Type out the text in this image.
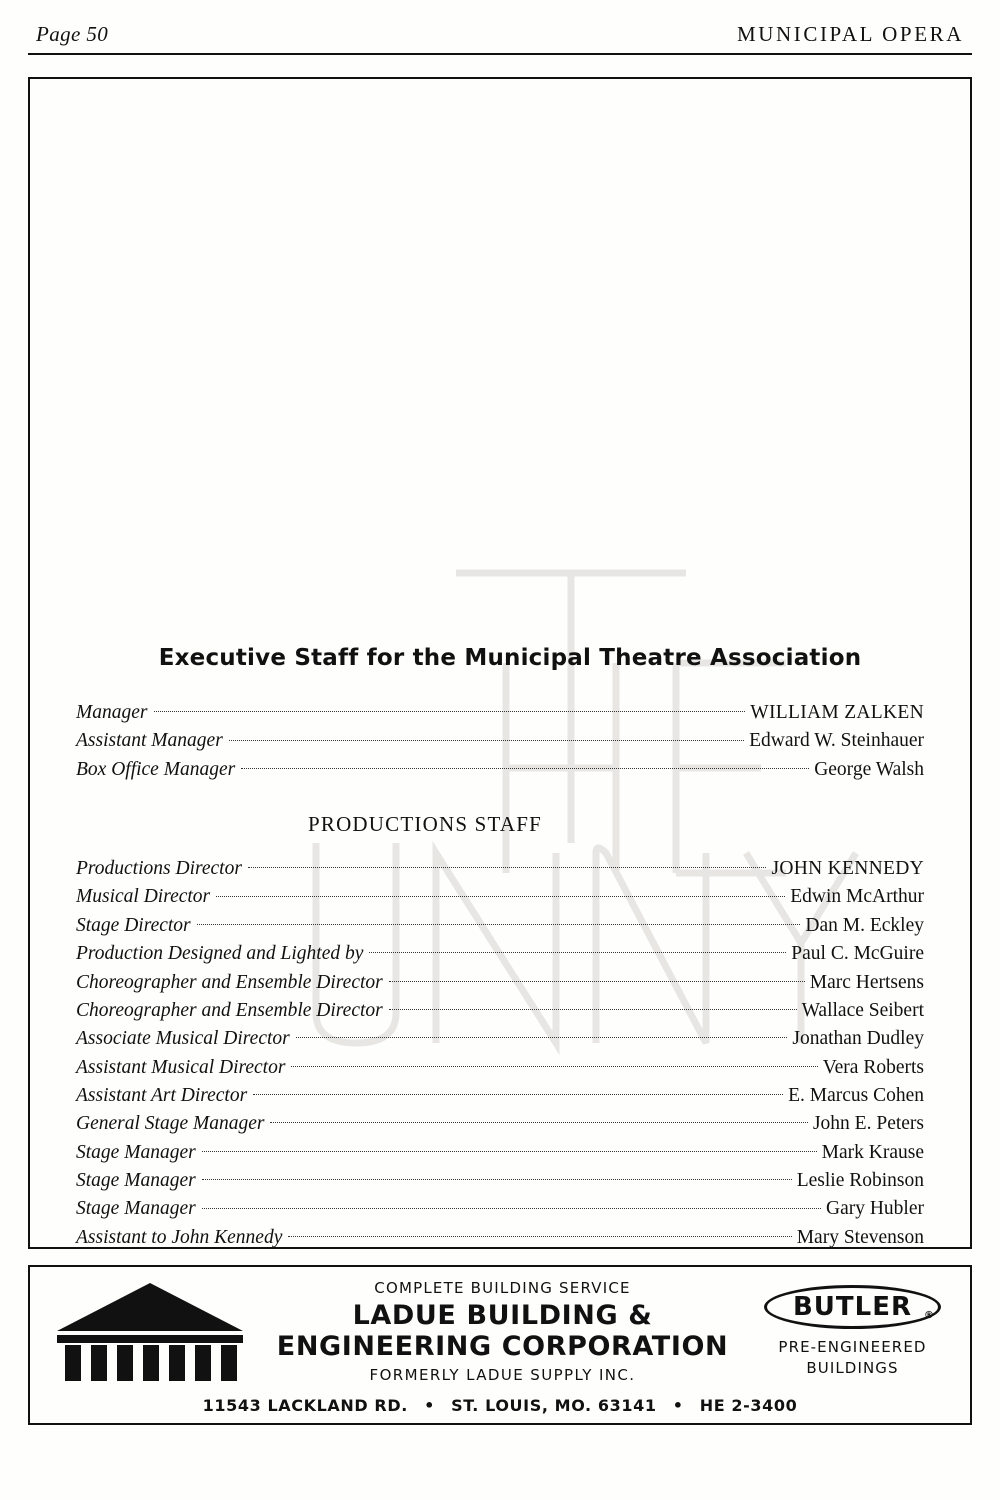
Page 50	MUNICIPAL OPERA
Executive Staff for the Municipal Theatre Association
Manager	WILLIAM ZALKEN
Assistant Manager	Edward W. Steinhauer
Box Office Manager	George Walsh
PRODUCTIONS STAFF
Productions Director	JOHN KENNEDY
Musical Director	Edwin McArthur
Stage Director	Dan M. Eckley
Production Designed and Lighted by	Paul C. McGuire
Choreographer and Ensemble Director	Marc Hertsens
Choreographer and Ensemble Director	Wallace Seibert
Associate Musical Director	Jonathan Dudley
Assistant Musical Director	Vera Roberts
Assistant Art Director	E. Marcus Cohen
General Stage Manager	John E. Peters
Stage Manager	Mark Krause
Stage Manager	Leslie Robinson
Stage Manager	Gary Hubler
Assistant to John Kennedy	Mary Stevenson

COMPLETE BUILDING SERVICE
LADUE BUILDING &
ENGINEERING CORPORATION
FORMERLY LADUE SUPPLY INC.
BUTLER ®
PRE-ENGINEERED
BUILDINGS
11543 LACKLAND RD. • ST. LOUIS, MO. 63141 • HE 2-3400
